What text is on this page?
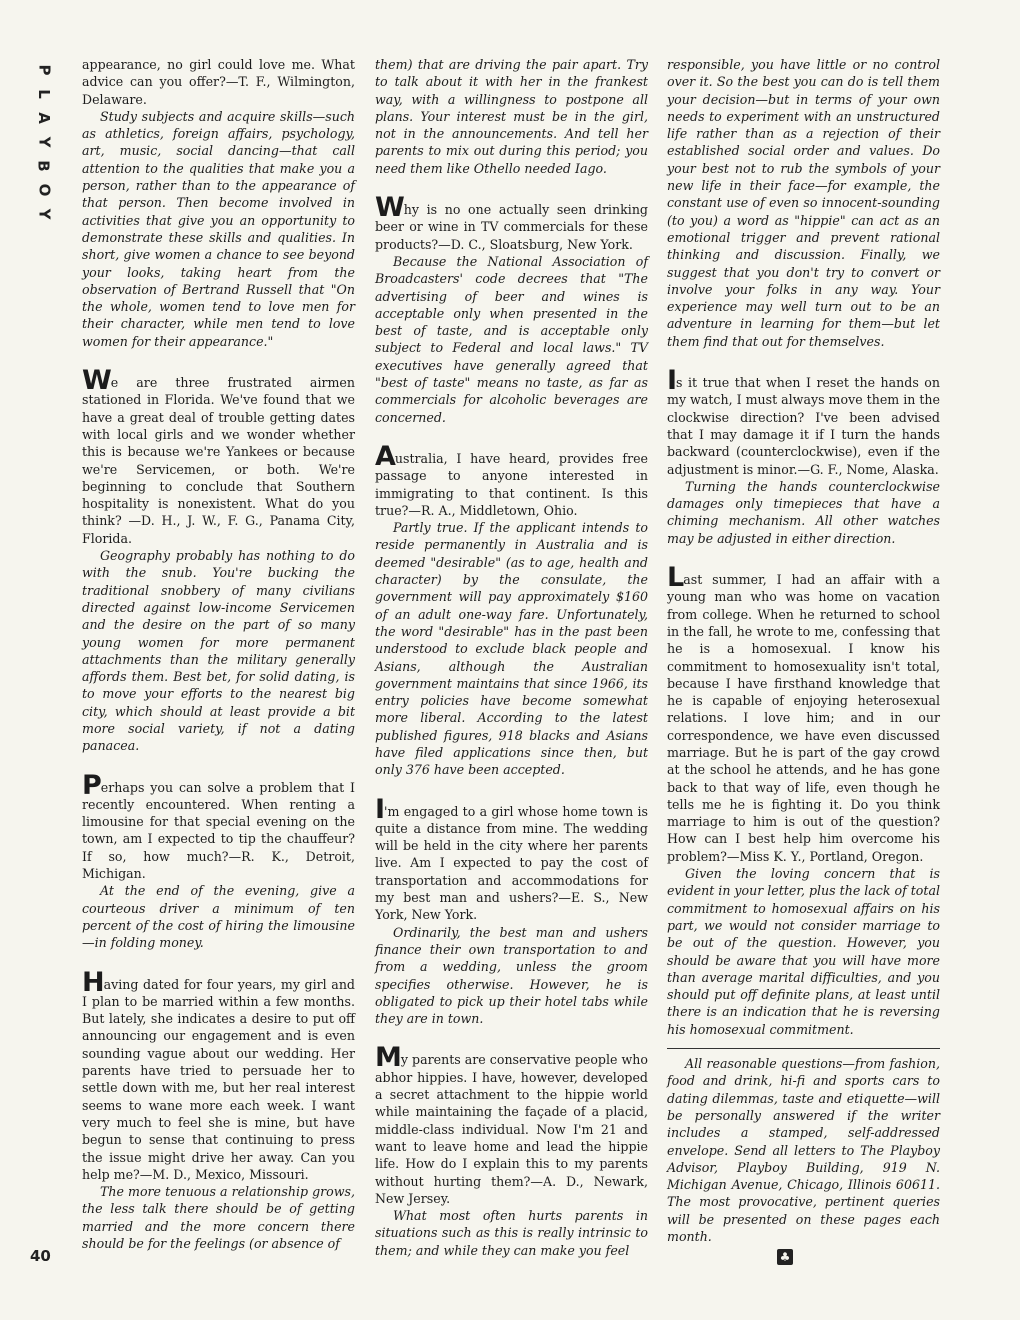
P
L
A
Y
B
O
Y
40

appearance, no girl could love me. What advice can you offer?—T. F., Wilmington, Delaware.

Study subjects and acquire skills—such as athletics, foreign affairs, psychology, art, music, social dancing—that call attention to the qualities that make you a person, rather than to the appearance of that person. Then become involved in activities that give you an opportunity to demonstrate these skills and qualities. In short, give women a chance to see beyond your looks, taking heart from the observation of Bertrand Russell that "On the whole, women tend to love men for their character, while men tend to love women for their appearance."

We are three frustrated airmen stationed in Florida. We've found that we have a great deal of trouble getting dates with local girls and we wonder whether this is because we're Yankees or because we're Servicemen, or both. We're beginning to conclude that Southern hospitality is nonexistent. What do you think? —D. H., J. W., F. G., Panama City, Florida.

Geography probably has nothing to do with the snub. You're bucking the traditional snobbery of many civilians directed against low-income Servicemen and the desire on the part of so many young women for more permanent attachments than the military generally affords them. Best bet, for solid dating, is to move your efforts to the nearest big city, which should at least provide a bit more social variety, if not a dating panacea.

Perhaps you can solve a problem that I recently encountered. When renting a limousine for that special evening on the town, am I expected to tip the chauffeur? If so, how much?—R. K., Detroit, Michigan.

At the end of the evening, give a courteous driver a minimum of ten percent of the cost of hiring the limousine—in folding money.

Having dated for four years, my girl and I plan to be married within a few months. But lately, she indicates a desire to put off announcing our engagement and is even sounding vague about our wedding. Her parents have tried to persuade her to settle down with me, but her real interest seems to wane more each week. I want very much to feel she is mine, but have begun to sense that continuing to press the issue might drive her away. Can you help me?—M. D., Mexico, Missouri.

The more tenuous a relationship grows, the less talk there should be of getting married and the more concern there should be for the feelings (or absence of

them) that are driving the pair apart. Try to talk about it with her in the frankest way, with a willingness to postpone all plans. Your interest must be in the girl, not in the announcements. And tell her parents to mix out during this period; you need them like Othello needed Iago.

Why is no one actually seen drinking beer or wine in TV commercials for these products?—D. C., Sloatsburg, New York.

Because the National Association of Broadcasters' code decrees that "The advertising of beer and wines is acceptable only when presented in the best of taste, and is acceptable only subject to Federal and local laws." TV executives have generally agreed that "best of taste" means no taste, as far as commercials for alcoholic beverages are concerned.

Australia, I have heard, provides free passage to anyone interested in immigrating to that continent. Is this true?—R. A., Middletown, Ohio.

Partly true. If the applicant intends to reside permanently in Australia and is deemed "desirable" (as to age, health and character) by the consulate, the government will pay approximately $160 of an adult one-way fare. Unfortunately, the word "desirable" has in the past been understood to exclude black people and Asians, although the Australian government maintains that since 1966, its entry policies have become somewhat more liberal. According to the latest published figures, 918 blacks and Asians have filed applications since then, but only 376 have been accepted.

I'm engaged to a girl whose home town is quite a distance from mine. The wedding will be held in the city where her parents live. Am I expected to pay the cost of transportation and accommodations for my best man and ushers?—E. S., New York, New York.

Ordinarily, the best man and ushers finance their own transportation to and from a wedding, unless the groom specifies otherwise. However, he is obligated to pick up their hotel tabs while they are in town.

My parents are conservative people who abhor hippies. I have, however, developed a secret attachment to the hippie world while maintaining the façade of a placid, middle-class individual. Now I'm 21 and want to leave home and lead the hippie life. How do I explain this to my parents without hurting them?—A. D., Newark, New Jersey.

What most often hurts parents in situations such as this is really intrinsic to them; and while they can make you feel

responsible, you have little or no control over it. So the best you can do is tell them your decision—but in terms of your own needs to experiment with an unstructured life rather than as a rejection of their established social order and values. Do your best not to rub the symbols of your new life in their face—for example, the constant use of even so innocent-sounding (to you) a word as "hippie" can act as an emotional trigger and prevent rational thinking and discussion. Finally, we suggest that you don't try to convert or involve your folks in any way. Your experience may well turn out to be an adventure in learning for them—but let them find that out for themselves.

Is it true that when I reset the hands on my watch, I must always move them in the clockwise direction? I've been advised that I may damage it if I turn the hands backward (counterclockwise), even if the adjustment is minor.—G. F., Nome, Alaska.

Turning the hands counterclockwise damages only timepieces that have a chiming mechanism. All other watches may be adjusted in either direction.

Last summer, I had an affair with a young man who was home on vacation from college. When he returned to school in the fall, he wrote to me, confessing that he is a homosexual. I know his commitment to homosexuality isn't total, because I have firsthand knowledge that he is capable of enjoying heterosexual relations. I love him; and in our correspondence, we have even discussed marriage. But he is part of the gay crowd at the school he attends, and he has gone back to that way of life, even though he tells me he is fighting it. Do you think marriage to him is out of the question? How can I best help him overcome his problem?—Miss K. Y., Portland, Oregon.

Given the loving concern that is evident in your letter, plus the lack of total commitment to homosexual affairs on his part, we would not consider marriage to be out of the question. However, you should be aware that you will have more than average marital difficulties, and you should put off definite plans, at least until there is an indication that he is reversing his homosexual commitment.

All reasonable questions—from fashion, food and drink, hi-fi and sports cars to dating dilemmas, taste and etiquette—will be personally answered if the writer includes a stamped, self-addressed envelope. Send all letters to The Playboy Advisor, Playboy Building, 919 N. Michigan Avenue, Chicago, Illinois 60611. The most provocative, pertinent queries will be presented on these pages each month.

♣
